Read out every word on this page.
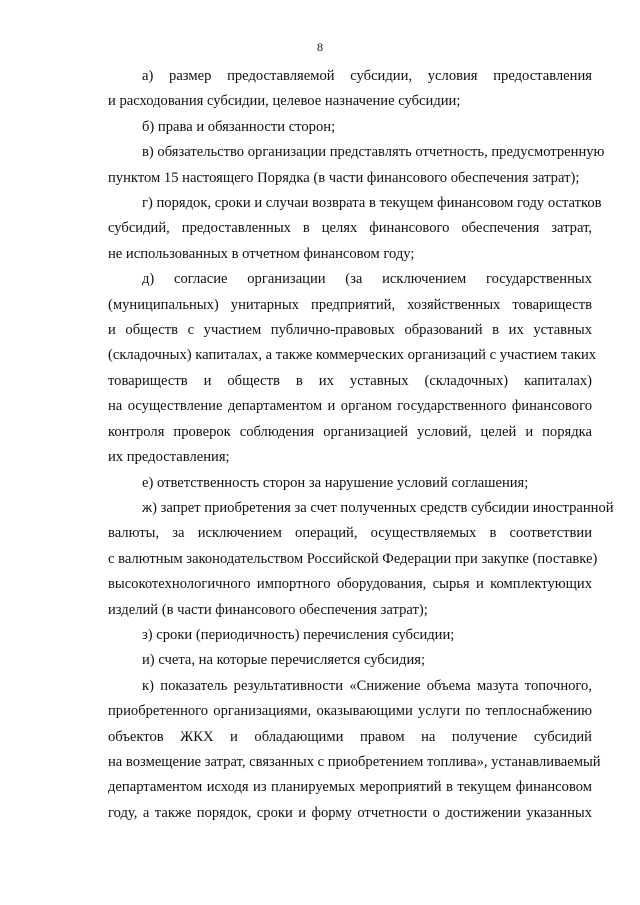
8

а) размер предоставляемой субсидии, условия предоставления
и расходования субсидии, целевое назначение субсидии;

б) права и обязанности сторон;

в) обязательство организации представлять отчетность, предусмотренную
пунктом 15 настоящего Порядка (в части финансового обеспечения затрат);

г) порядок, сроки и случаи возврата в текущем финансовом году остатков
субсидий, предоставленных в целях финансового обеспечения затрат,
не использованных в отчетном финансовом году;

д) согласие организации (за исключением государственных
(муниципальных) унитарных предприятий, хозяйственных товариществ
и обществ с участием публично-правовых образований в их уставных
(складочных) капиталах, а также коммерческих организаций с участием таких
товариществ и обществ в их уставных (складочных) капиталах)
на осуществление департаментом и органом государственного финансового
контроля проверок соблюдения организацией условий, целей и порядка
их предоставления;

е) ответственность сторон за нарушение условий соглашения;

ж) запрет приобретения за счет полученных средств субсидии иностранной
валюты, за исключением операций, осуществляемых в соответствии
с валютным законодательством Российской Федерации при закупке (поставке)
высокотехнологичного импортного оборудования, сырья и комплектующих
изделий (в части финансового обеспечения затрат);

з) сроки (периодичность) перечисления субсидии;

и) счета, на которые перечисляется субсидия;

к) показатель результативности «Снижение объема мазута топочного,
приобретенного организациями, оказывающими услуги по теплоснабжению
объектов ЖКХ и обладающими правом на получение субсидий
на возмещение затрат, связанных с приобретением топлива», устанавливаемый
департаментом исходя из планируемых мероприятий в текущем финансовом
году, а также порядок, сроки и форму отчетности о достижении указанных
